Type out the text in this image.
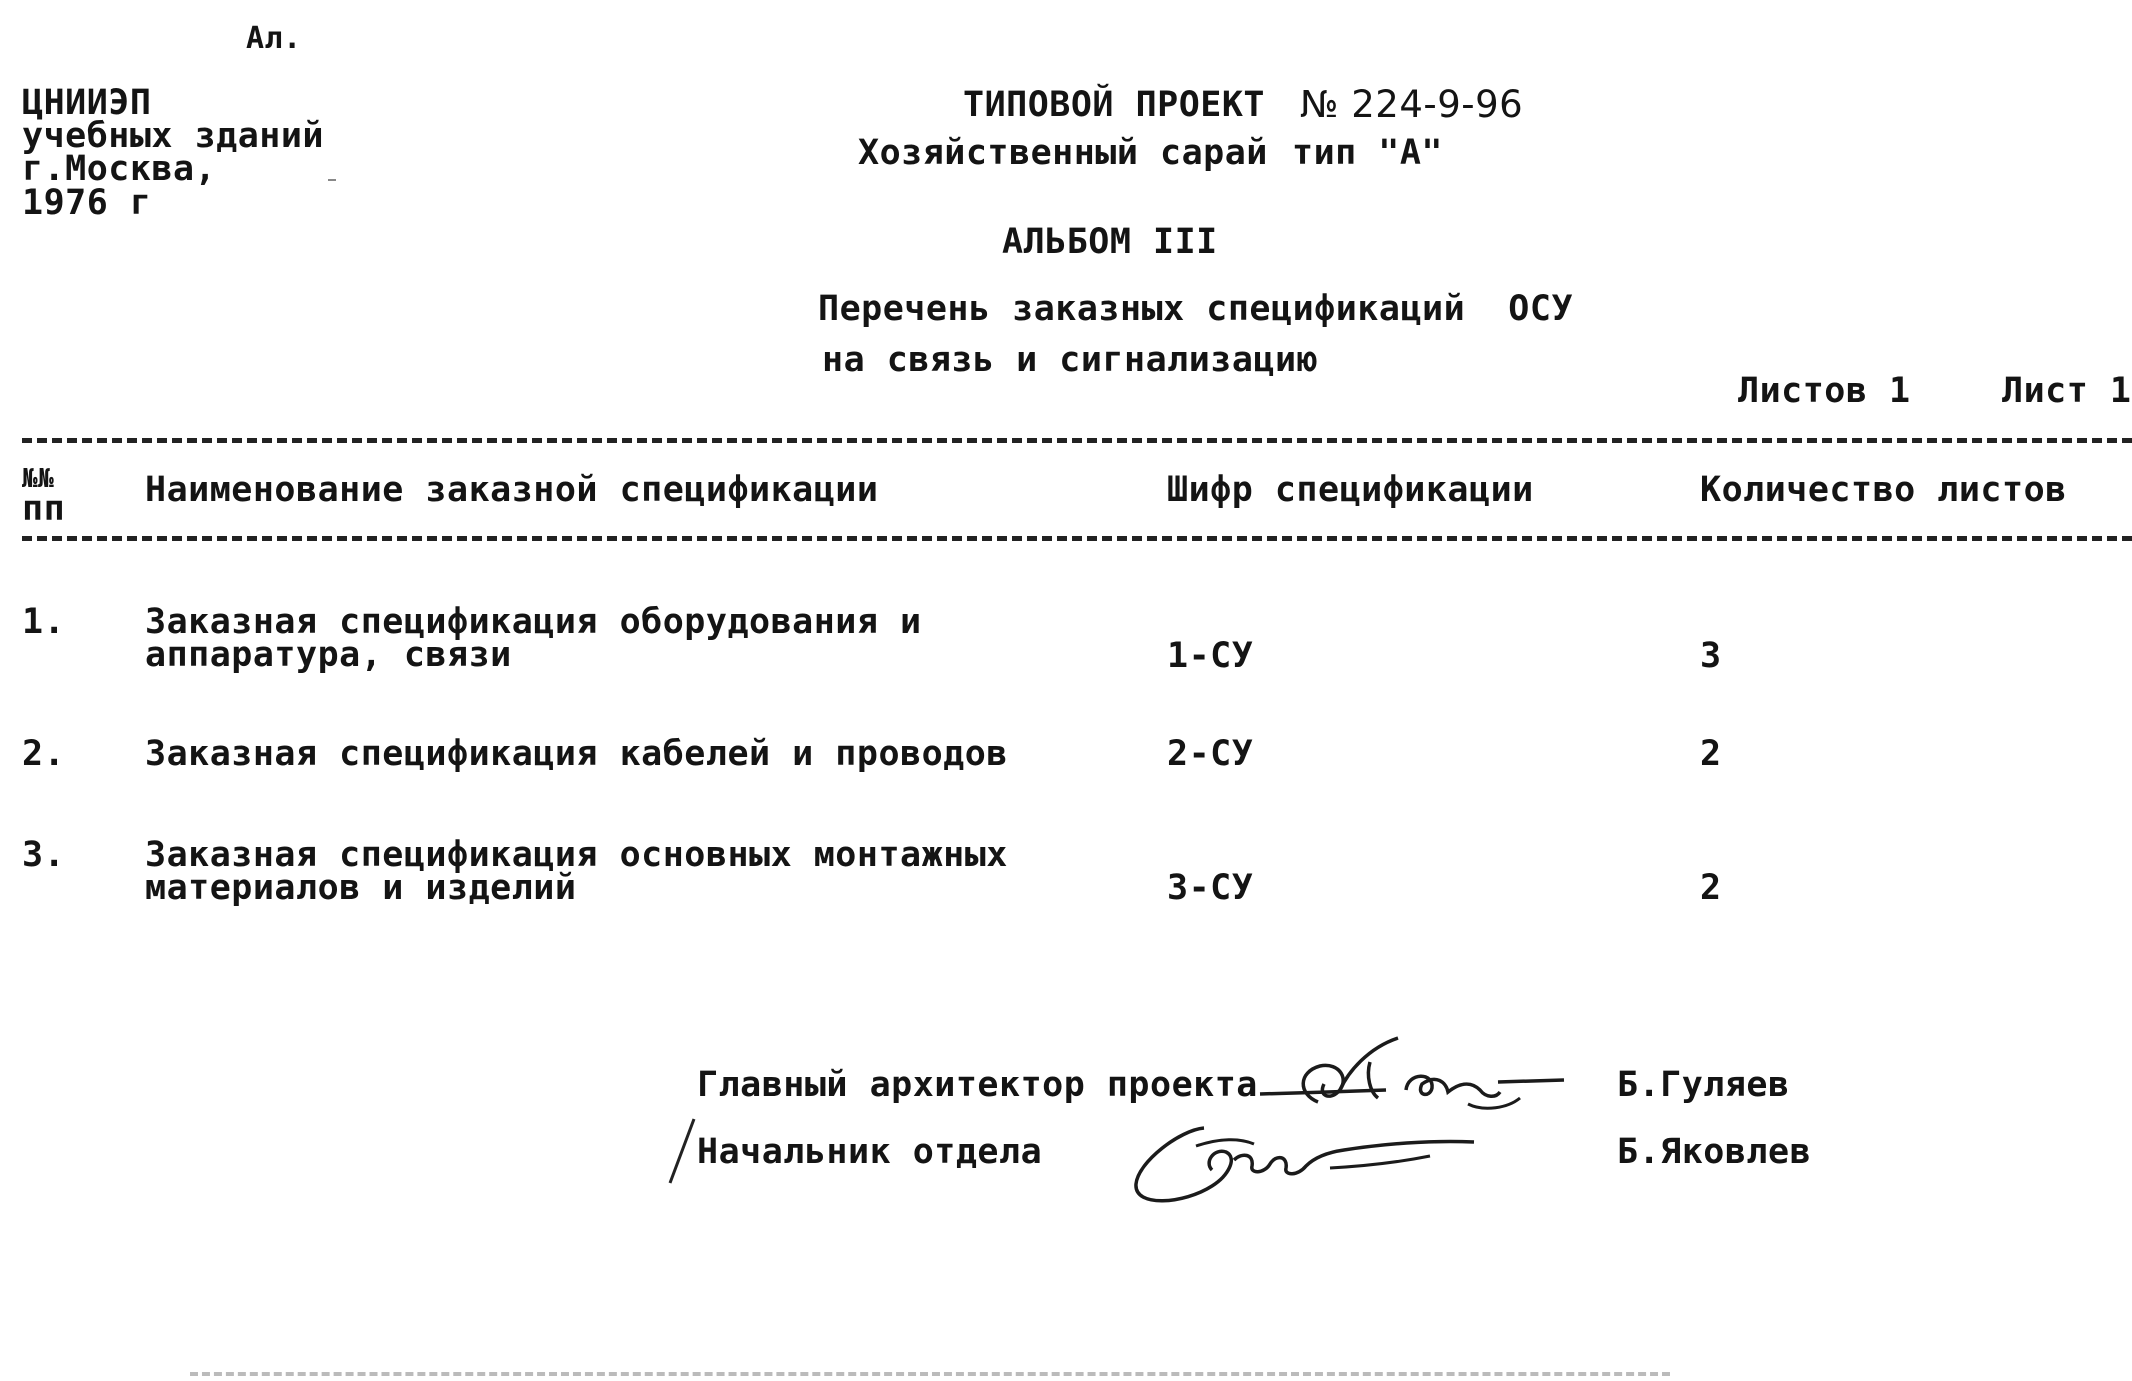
Ал.
ЦНИИЭП
учебных зданий
г.Москва,
1976 г
ТИПОВОЙ ПРОЕКТ № 224-9-96
Хозяйственный сарай тип "А"
АЛЬБОМ III
Перечень заказных спецификаций  ОСУ
на связь и сигнализацию
Листов 1	Лист 1
№№
пп Наименование заказной спецификации	Шифр спецификации	Количество листов
1. Заказная спецификация оборудования и
аппаратура, связи	1-СУ	3
2. Заказная спецификация кабелей и проводов	2-СУ	2
3. Заказная спецификация основных монтажных
материалов и изделий	3-СУ	2
Главный архитектор проекта	Б.Гуляев
Начальник отдела	Б.Яковлев
